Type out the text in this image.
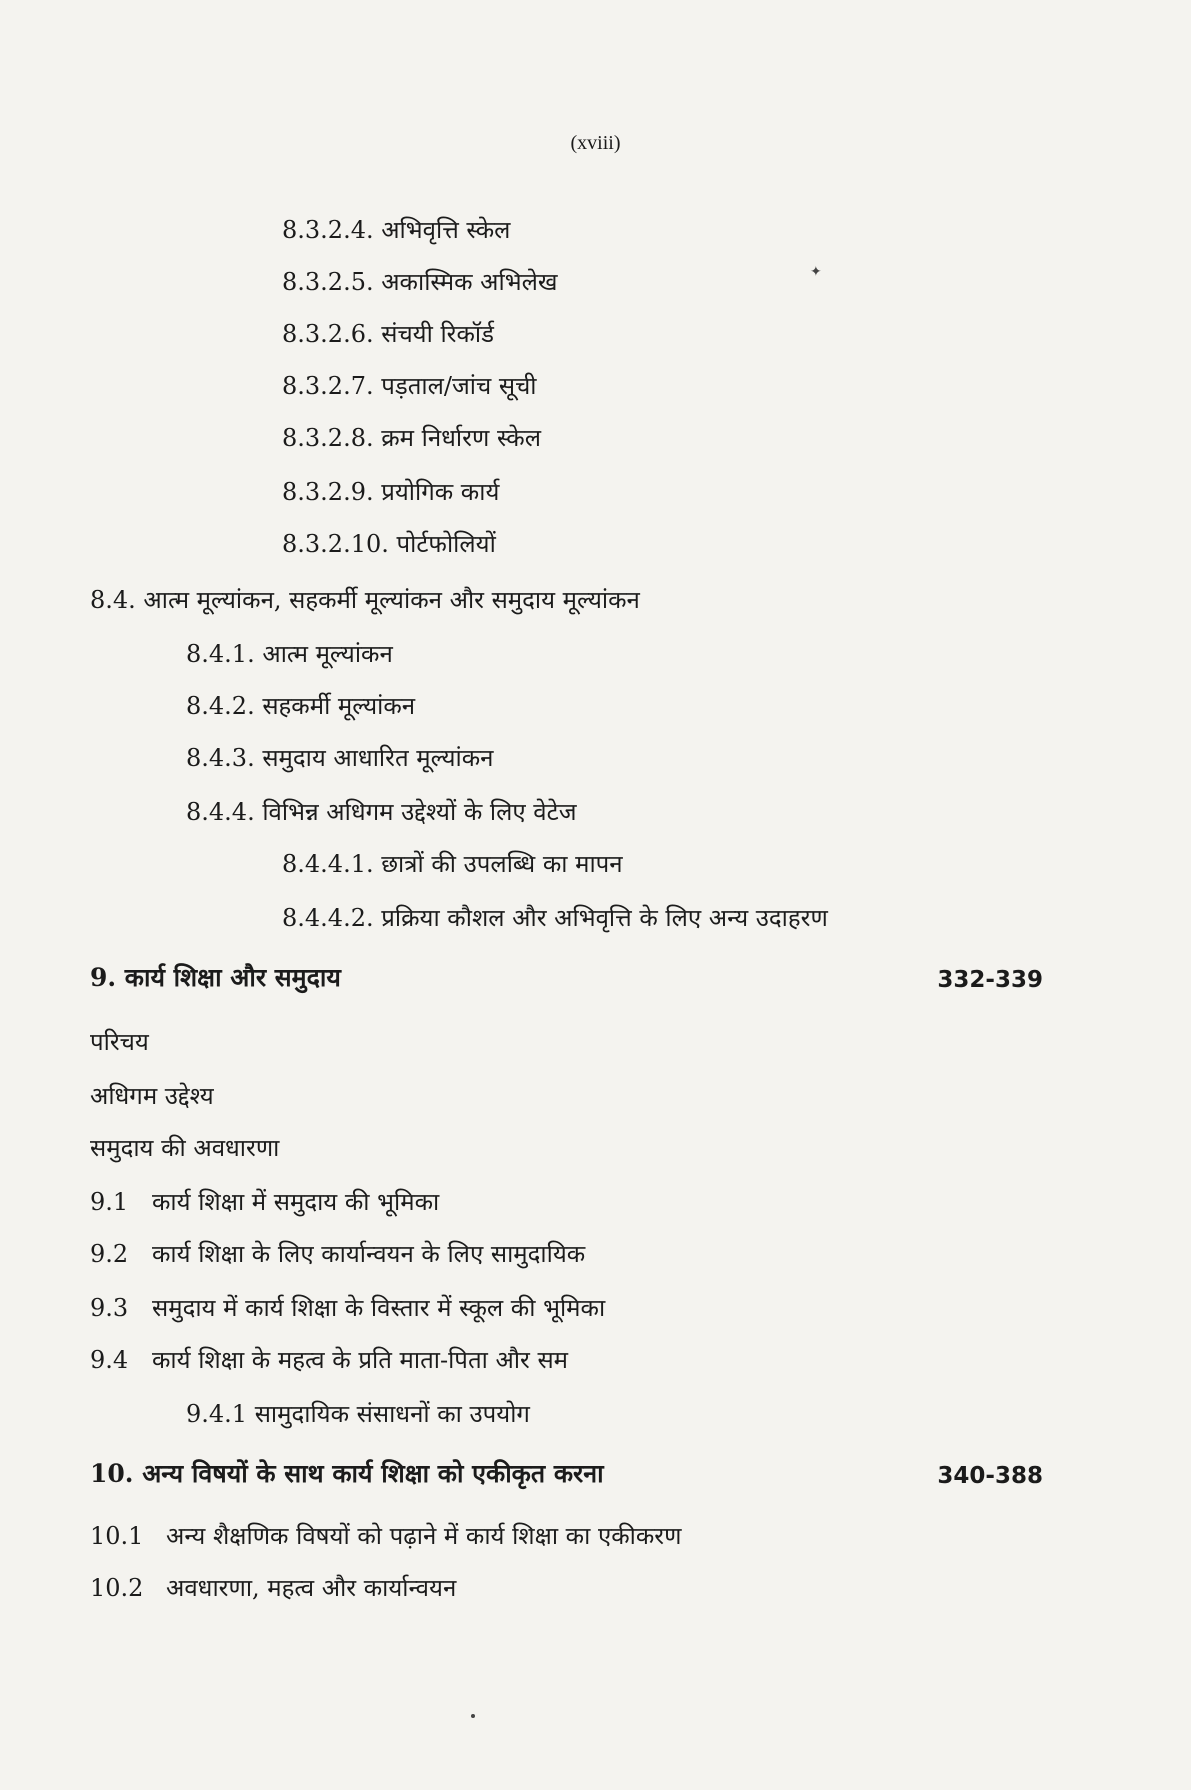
(xviii)
8.3.2.4. अभिवृत्ति स्केल
8.3.2.5. अकास्मिक अभिलेख
8.3.2.6. संचयी रिकॉर्ड
8.3.2.7. पड़ताल/जांच सूची
8.3.2.8. क्रम निर्धारण स्केल
8.3.2.9. प्रयोगिक कार्य
8.3.2.10. पोर्टफोलियों
✦
8.4. आत्म मूल्यांकन, सहकर्मी मूल्यांकन और समुदाय मूल्यांकन
8.4.1. आत्म मूल्यांकन
8.4.2. सहकर्मी मूल्यांकन
8.4.3. समुदाय आधारित मूल्यांकन
8.4.4. विभिन्न अधिगम उद्देश्यों के लिए वेटेज
8.4.4.1. छात्रों की उपलब्धि का मापन
8.4.4.2. प्रक्रिया कौशल और अभिवृत्ति के लिए अन्य उदाहरण
9. कार्य शिक्षा और समुदाय	332-339
परिचय
अधिगम उद्देश्य
समुदाय की अवधारणा
9.1 कार्य शिक्षा में समुदाय की भूमिका
9.2 कार्य शिक्षा के लिए कार्यान्वयन के लिए सामुदायिक
9.3 समुदाय में कार्य शिक्षा के विस्तार में स्कूल की भूमिका
9.4 कार्य शिक्षा के महत्व के प्रति माता-पिता और सम
9.4.1 सामुदायिक संसाधनों का उपयोग
10. अन्य विषयों के साथ कार्य शिक्षा को एकीकृत करना	340-388
10.1 अन्य शैक्षणिक विषयों को पढ़ाने में कार्य शिक्षा का एकीकरण
10.2 अवधारणा, महत्व और कार्यान्वयन
